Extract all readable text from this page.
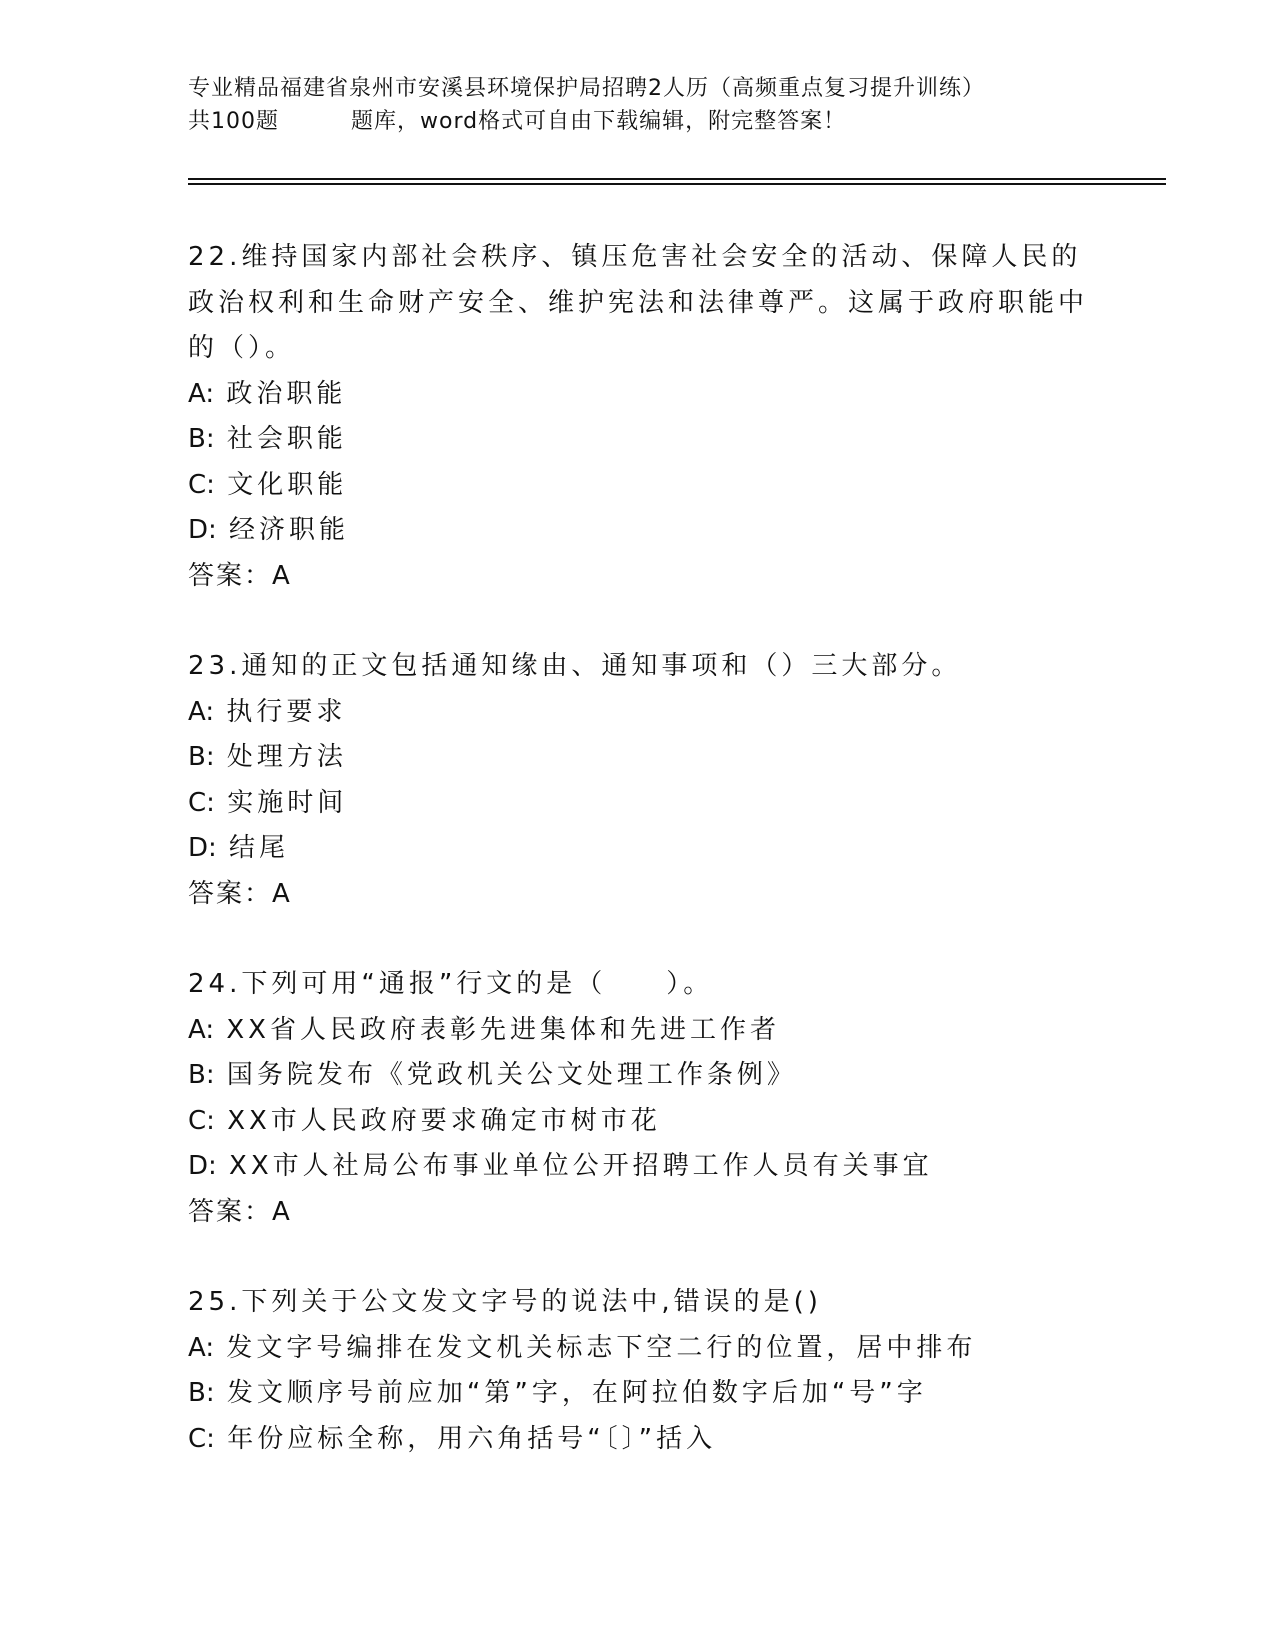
专业精品福建省泉州市安溪县环境保护局招聘2人历（高频重点复习提升训练）
共100题	题库，word格式可自由下载编辑，附完整答案！
22.维持国家内部社会秩序、镇压危害社会安全的活动、保障人民的政治权利和生命财产安全、维护宪法和法律尊严。这属于政府职能中的（）。
A: 政治职能
B: 社会职能
C: 文化职能
D: 经济职能
答案：A
23.通知的正文包括通知缘由、通知事项和（）三大部分。
A: 执行要求
B: 处理方法
C: 实施时间
D: 结尾
答案：A
24.下列可用“通报”行文的是（　　）。
A: XX省人民政府表彰先进集体和先进工作者
B: 国务院发布《党政机关公文处理工作条例》
C: XX市人民政府要求确定市树市花
D: XX市人社局公布事业单位公开招聘工作人员有关事宜
答案：A
25.下列关于公文发文字号的说法中,错误的是()
A: 发文字号编排在发文机关标志下空二行的位置，居中排布
B: 发文顺序号前应加“第”字，在阿拉伯数字后加“号”字
C: 年份应标全称，用六角括号“〔〕”括入
